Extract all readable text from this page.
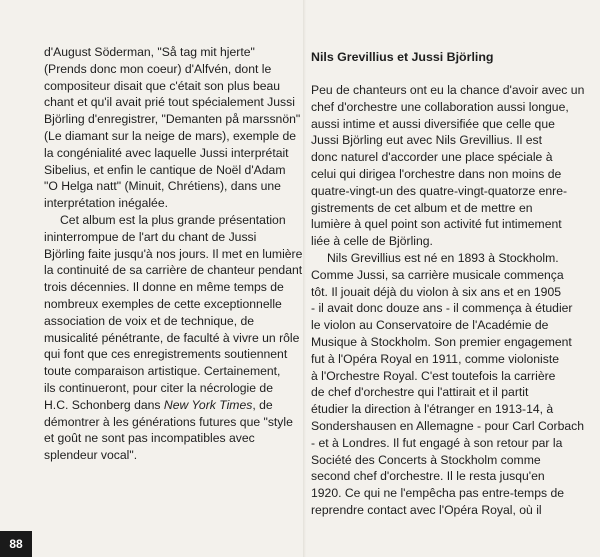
d'August Söderman, "Så tag mit hjerte"
(Prends donc mon coeur) d'Alfvén, dont le
compositeur disait que c'était son plus beau
chant et qu'il avait prié tout spécialement Jussi
Björling d'enregistrer, "Demanten på marssnön"
(Le diamant sur la neige de mars), exemple de
la congénialité avec laquelle Jussi interprétait
Sibelius, et enfin le cantique de Noël d'Adam
"O Helga natt" (Minuit, Chrétiens), dans une
interprétation inégalée.

Cet album est la plus grande présentation
ininterrompue de l'art du chant de Jussi
Björling faite jusqu'à nos jours. Il met en lumière
la continuité de sa carrière de chanteur pendant
trois décennies. Il donne en même temps de
nombreux exemples de cette exceptionnelle
association de voix et de technique, de
musicalité pénétrante, de faculté à vivre un rôle
qui font que ces enregistrements soutiennent
toute comparaison artistique. Certainement,
ils continueront, pour citer la nécrologie de
H.C. Schonberg dans New York Times, de
démontrer à les générations futures que "style
et goût ne sont pas incompatibles avec
splendeur vocal".

Nils Grevillius et Jussi Björling

Peu de chanteurs ont eu la chance d'avoir avec un
chef d'orchestre une collaboration aussi longue,
aussi intime et aussi diversifiée que celle que
Jussi Björling eut avec Nils Grevillius. Il est
donc naturel d'accorder une place spéciale à
celui qui dirigea l'orchestre dans non moins de
quatre-vingt-un des quatre-vingt-quatorze enre-
gistrements de cet album et de mettre en
lumière à quel point son activité fut intimement
liée à celle de Björling.

Nils Grevillius est né en 1893 à Stockholm.
Comme Jussi, sa carrière musicale commença
tôt. Il jouait déjà du violon à six ans et en 1905
- il avait donc douze ans - il commença à étudier
le violon au Conservatoire de l'Académie de
Musique à Stockholm. Son premier engagement
fut à l'Opéra Royal en 1911, comme violoniste
à l'Orchestre Royal. C'est toutefois la carrière
de chef d'orchestre qui l'attirait et il partit
étudier la direction à l'étranger en 1913-14, à
Sondershausen en Allemagne - pour Carl Corbach
- et à Londres. Il fut engagé à son retour par la
Société des Concerts à Stockholm comme
second chef d'orchestre. Il le resta jusqu'en
1920. Ce qui ne l'empêcha pas entre-temps de
reprendre contact avec l'Opéra Royal, où il

88
